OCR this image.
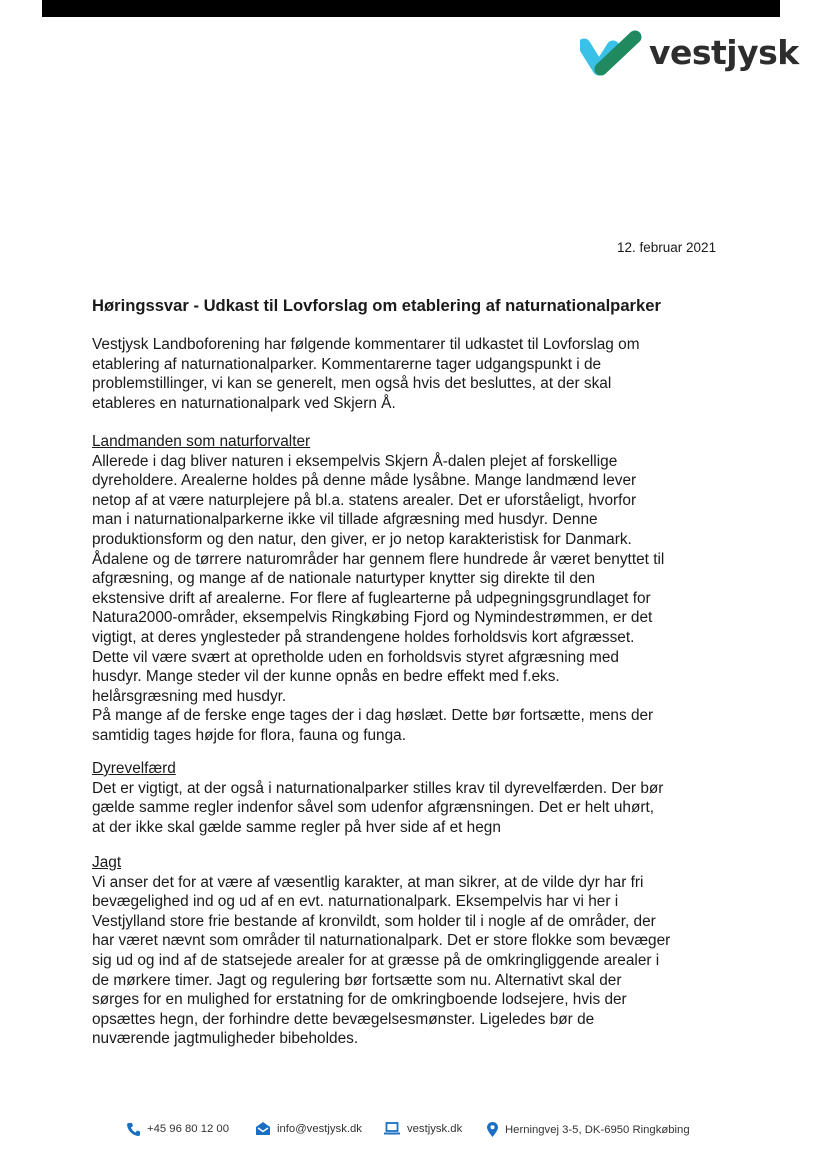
vestjysk
12. februar 2021
Høringssvar - Udkast til Lovforslag om etablering af naturnationalparker

Vestjysk Landboforening har følgende kommentarer til udkastet til Lovforslag om
etablering af naturnationalparker. Kommentarerne tager udgangspunkt i de
problemstillinger, vi kan se generelt, men også hvis det besluttes, at der skal
etableres en naturnationalpark ved Skjern Å.

Landmanden som naturforvalter
Allerede i dag bliver naturen i eksempelvis Skjern Å-dalen plejet af forskellige
dyreholdere. Arealerne holdes på denne måde lysåbne. Mange landmænd lever
netop af at være naturplejere på bl.a. statens arealer. Det er uforståeligt, hvorfor
man i naturnationalparkerne ikke vil tillade afgræsning med husdyr. Denne
produktionsform og den natur, den giver, er jo netop karakteristisk for Danmark.
Ådalene og de tørrere naturområder har gennem flere hundrede år været benyttet til
afgræsning, og mange af de nationale naturtyper knytter sig direkte til den
ekstensive drift af arealerne. For flere af fuglearterne på udpegningsgrundlaget for
Natura2000-områder, eksempelvis Ringkøbing Fjord og Nymindestrømmen, er det
vigtigt, at deres ynglesteder på strandengene holdes forholdsvis kort afgræsset.
Dette vil være svært at opretholde uden en forholdsvis styret afgræsning med
husdyr. Mange steder vil der kunne opnås en bedre effekt med f.eks.
helårsgræsning med husdyr.
På mange af de ferske enge tages der i dag høslæt. Dette bør fortsætte, mens der
samtidig tages højde for flora, fauna og funga.
Dyrevelfærd
Det er vigtigt, at der også i naturnationalparker stilles krav til dyrevelfærden. Der bør
gælde samme regler indenfor såvel som udenfor afgrænsningen. Det er helt uhørt,
at der ikke skal gælde samme regler på hver side af et hegn
Jagt
Vi anser det for at være af væsentlig karakter, at man sikrer, at de vilde dyr har fri
bevægelighed ind og ud af en evt. naturnationalpark. Eksempelvis har vi her i
Vestjylland store frie bestande af kronvildt, som holder til i nogle af de områder, der
har været nævnt som områder til naturnationalpark. Det er store flokke som bevæger
sig ud og ind af de statsejede arealer for at græsse på de omkringliggende arealer i
de mørkere timer. Jagt og regulering bør fortsætte som nu. Alternativt skal der
sørges for en mulighed for erstatning for de omkringboende lodsejere, hvis der
opsættes hegn, der forhindre dette bevægelsesmønster. Ligeledes bør de
nuværende jagtmuligheder bibeholdes.
+45 96 80 12 00	info@vestjysk.dk	vestjysk.dk	Herningvej 3-5, DK-6950 Ringkøbing
